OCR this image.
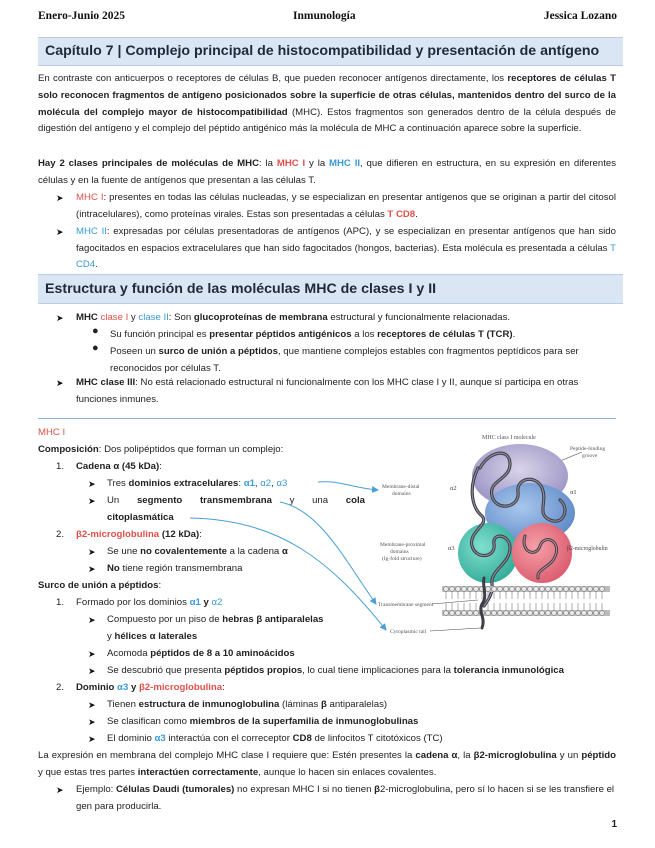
Enero-Junio 2025	Inmunología	Jessica Lozano
Capítulo 7 | Complejo principal de histocompatibilidad y presentación de antígeno
En contraste con anticuerpos o receptores de células B, que pueden reconocer antígenos directamente, los receptores de células T solo reconocen fragmentos de antígeno posicionados sobre la superficie de otras células, mantenidos dentro del surco de la molécula del complejo mayor de histocompatibilidad (MHC). Estos fragmentos son generados dentro de la célula después de digestión del antígeno y el complejo del péptido antigénico más la molécula de MHC a continuación aparece sobre la superficie.
Hay 2 clases principales de moléculas de MHC: la MHC I y la MHC II, que difieren en estructura, en su expresión en diferentes células y en la fuente de antígenos que presentan a las células T.
➤ MHC I: presentes en todas las células nucleadas, y se especializan en presentar antígenos que se originan a partir del citosol (intracelulares), como proteínas virales. Estas son presentadas a células T CD8.
➤ MHC II: expresadas por células presentadoras de antígenos (APC), y se especializan en presentar antígenos que han sido fagocitados en espacios extracelulares que han sido fagocitados (hongos, bacterias). Esta molécula es presentada a células T CD4.
Estructura y función de las moléculas MHC de clases I y II
➤ MHC clase I y clase II: Son glucoproteínas de membrana estructural y funcionalmente relacionadas.
● Su función principal es presentar péptidos antigénicos a los receptores de células T (TCR).
● Poseen un surco de unión a péptidos, que mantiene complejos estables con fragmentos peptídicos para ser reconocidos por células T.
➤ MHC clase III: No está relacionado estructural ni funcionalmente con los MHC clase I y II, aunque sí participa en otras funciones inmunes.
MHC I
Composición: Dos polipéptidos que forman un complejo:
1. Cadena α (45 kDa):
➤ Tres dominios extracelulares: α1, α2, α3
➤ Un segmento transmembrana y una cola
citoplasmática
2. β2-microglobulina (12 kDa):
➤ Se une no covalentemente a la cadena α
➤ No tiene región transmembrana
Surco de unión a péptidos:
1. Formado por los dominios α1 y α2
➤ Compuesto por un piso de hebras β antiparalelas
y hélices α laterales
➤ Acomoda péptidos de 8 a 10 aminoácidos
➤ Se descubrió que presenta péptidos propios, lo cual tiene implicaciones para la tolerancia inmunológica
2. Dominio α3 y β2-microglobulina:
➤ Tienen estructura de inmunoglobulina (láminas β antiparalelas)
➤ Se clasifican como miembros de la superfamilia de inmunoglobulinas
➤ El dominio α3 interactúa con el correceptor CD8 de linfocitos T citotóxicos (TC)
La expresión en membrana del complejo MHC clase I requiere que: Estén presentes la cadena α, la β2-microglobulina y un péptido y que estas tres partes interactúen correctamente, aunque lo hacen sin enlaces covalentes.
➤ Ejemplo: Células Daudi (tumorales) no expresan MHC I si no tienen β2-microglobulina, pero sí lo hacen si se les transfiere el gen para producirla.
1
MHC class I molecule
Peptide-binding
groove
α2
α1
α3	β2-microglobulin
Membrane-distal
domains
Membrane-proximal
domains
(Ig-fold structure)
Transmembrane segment
Cytoplasmic tail
